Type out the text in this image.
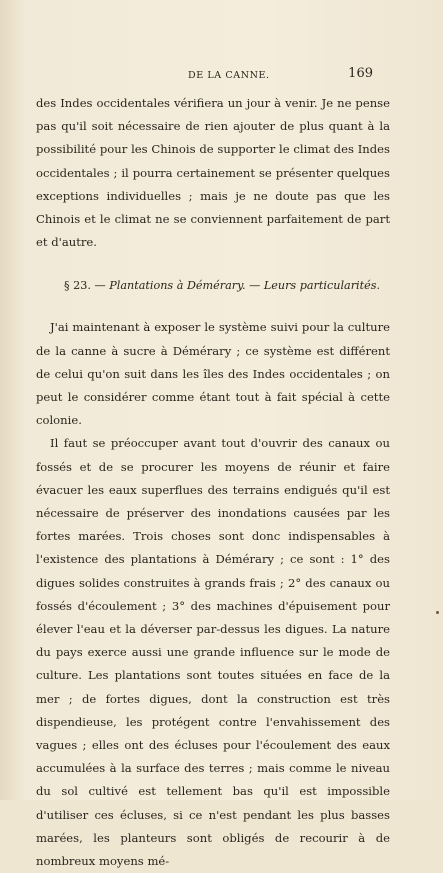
DE LA CANNE.	169

des Indes occidentales vérifiera un jour à venir. Je ne pense pas qu'il soit nécessaire de rien ajouter de plus quant à la possibilité pour les Chinois de supporter le climat des Indes occidentales ; il pourra certainement se présenter quelques exceptions individuelles ; mais je ne doute pas que les Chinois et le climat ne se conviennent parfaitement de part et d'autre.

§ 23. — Plantations à Démérary. — Leurs particularités.

J'ai maintenant à exposer le système suivi pour la culture de la canne à sucre à Démérary ; ce système est différent de celui qu'on suit dans les îles des Indes occidentales ; on peut le considérer comme étant tout à fait spécial à cette colonie.

Il faut se préoccuper avant tout d'ouvrir des canaux ou fossés et de se procurer les moyens de réunir et faire évacuer les eaux superflues des terrains endigués qu'il est nécessaire de préserver des inondations causées par les fortes marées. Trois choses sont donc indispensables à l'existence des plantations à Démérary ; ce sont : 1° des digues solides construites à grands frais ; 2° des canaux ou fossés d'écoulement ; 3° des machines d'épuisement pour élever l'eau et la déverser par-dessus les digues. La nature du pays exerce aussi une grande influence sur le mode de culture. Les plantations sont toutes situées en face de la mer ; de fortes digues, dont la construction est très dispendieuse, les protégent contre l'envahissement des vagues ; elles ont des écluses pour l'écoulement des eaux accumulées à la surface des terres ; mais comme le niveau du sol cultivé est tellement bas qu'il est impossible d'utiliser ces écluses, si ce n'est pendant les plus basses marées, les planteurs sont obligés de recourir à de nombreux moyens mé-
